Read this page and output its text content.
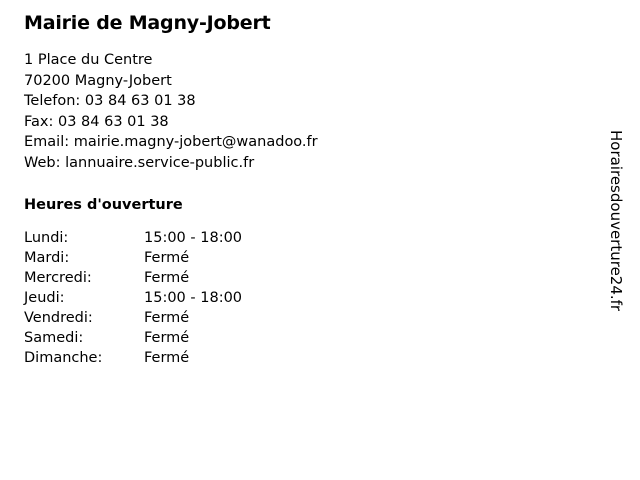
Mairie de Magny-Jobert

1 Place du Centre

70200 Magny-Jobert

Telefon: 03 84 63 01 38

Fax: 03 84 63 01 38

Email: mairie.magny-jobert@wanadoo.fr

Web: lannuaire.service-public.fr

Heures d'ouverture
Lundi:	15:00 - 18:00
Mardi:	Fermé
Mercredi:	Fermé
Jeudi:	15:00 - 18:00
Vendredi:	Fermé
Samedi:	Fermé
Dimanche:	Fermé
Horairesdouverture24.fr
